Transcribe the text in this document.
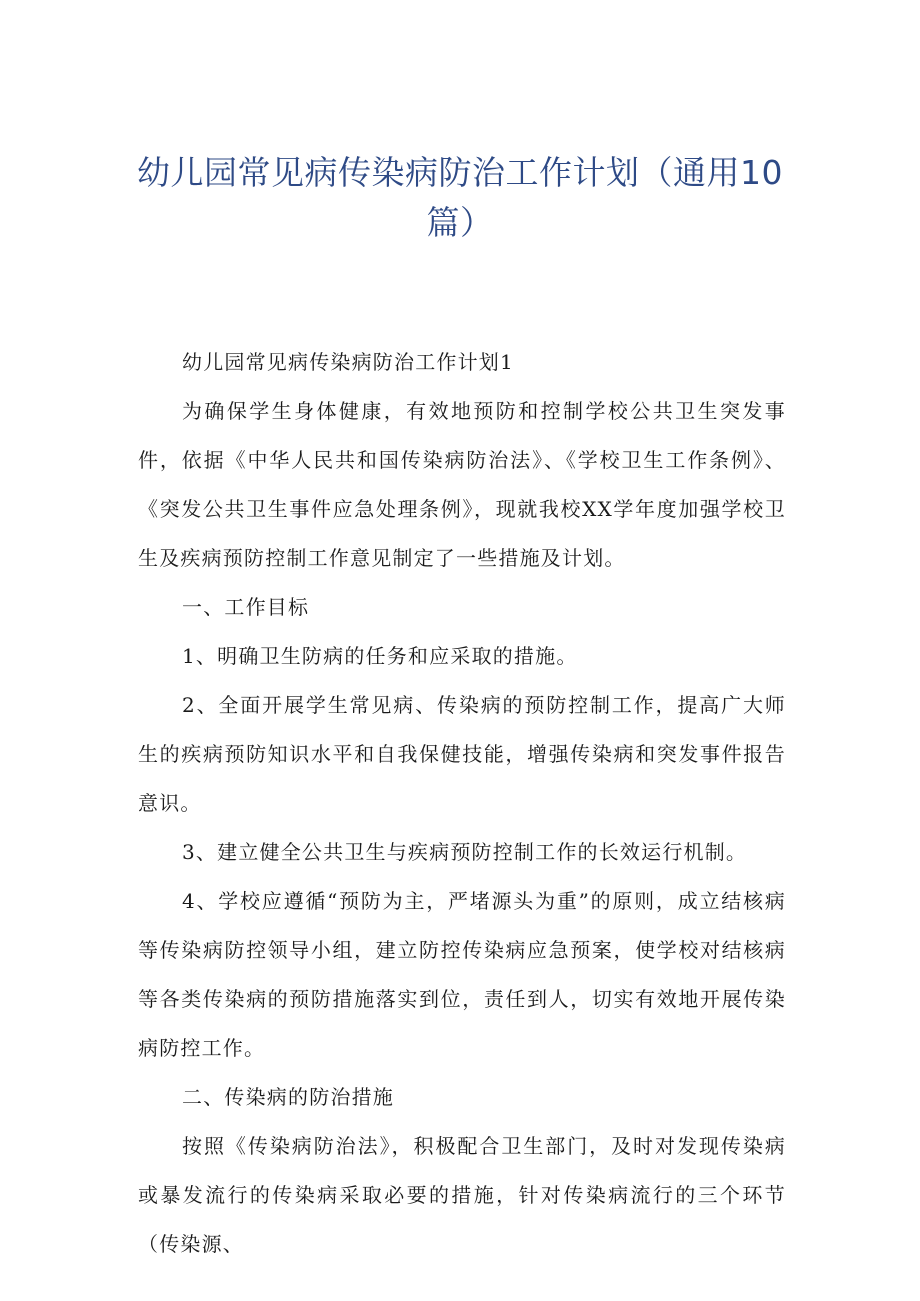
幼儿园常见病传染病防治工作计划（通用10篇）

幼儿园常见病传染病防治工作计划1

为确保学生身体健康，有效地预防和控制学校公共卫生突发事件，依据《中华人民共和国传染病防治法》、《学校卫生工作条例》、《突发公共卫生事件应急处理条例》，现就我校XX学年度加强学校卫生及疾病预防控制工作意见制定了一些措施及计划。

一、工作目标

1、明确卫生防病的任务和应采取的措施。

2、全面开展学生常见病、传染病的预防控制工作，提高广大师生的疾病预防知识水平和自我保健技能，增强传染病和突发事件报告意识。

3、建立健全公共卫生与疾病预防控制工作的长效运行机制。

4、学校应遵循“预防为主，严堵源头为重”的原则，成立结核病等传染病防控领导小组，建立防控传染病应急预案，使学校对结核病等各类传染病的预防措施落实到位，责任到人，切实有效地开展传染病防控工作。

二、传染病的防治措施

按照《传染病防治法》，积极配合卫生部门，及时对发现传染病或暴发流行的传染病采取必要的措施，针对传染病流行的三个环节（传染源、
